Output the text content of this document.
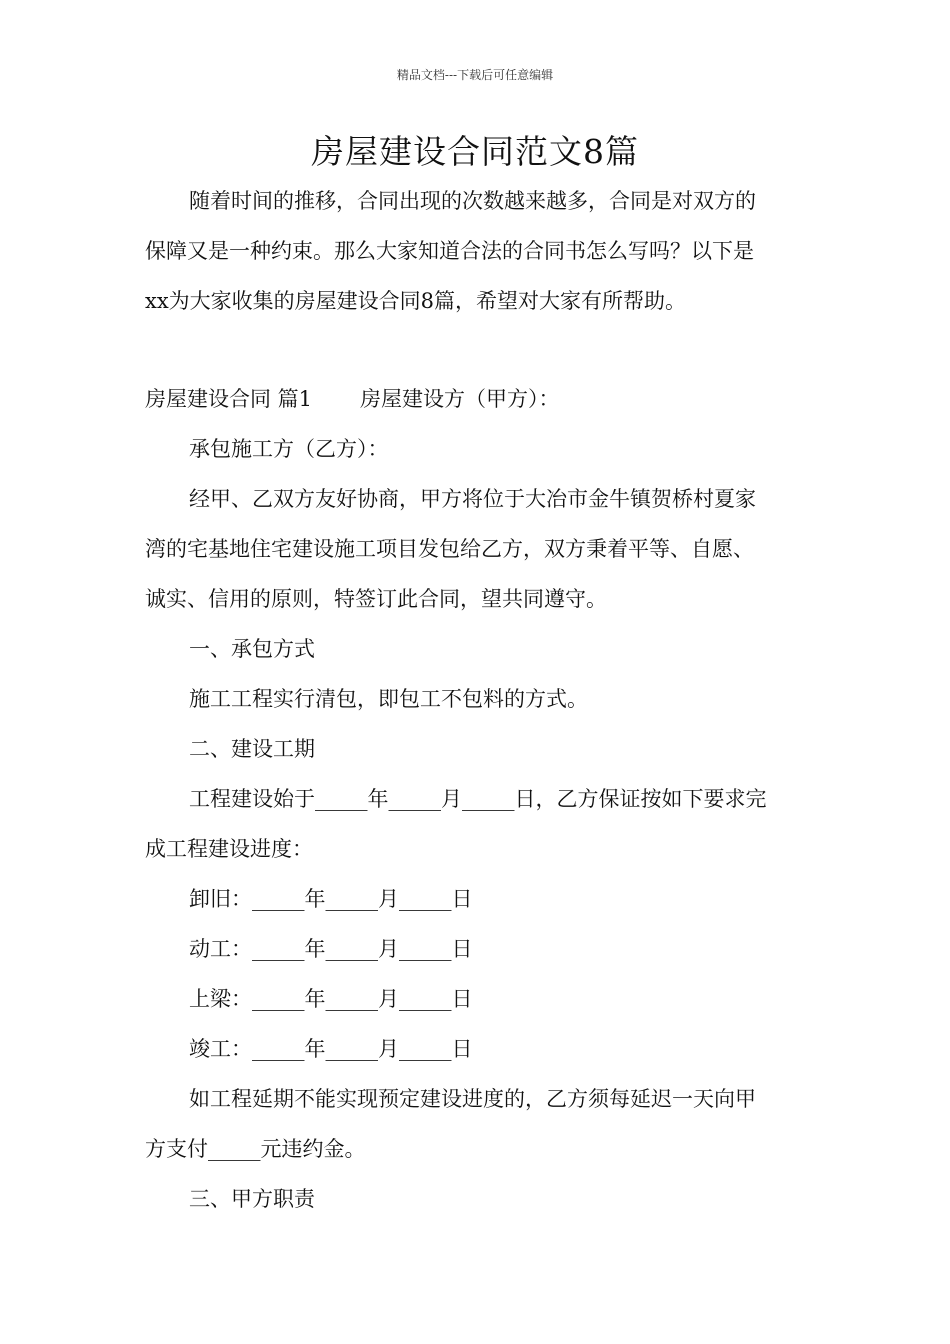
精品文档---下载后可任意编辑
房屋建设合同范文8篇
随着时间的推移，合同出现的次数越来越多，合同是对双方的
保障又是一种约束。那么大家知道合法的合同书怎么写吗？以下是
xx为大家收集的房屋建设合同8篇，希望对大家有所帮助。
房屋建设合同 篇1 房屋建设方（甲方）：
承包施工方（乙方）：
经甲、乙双方友好协商，甲方将位于大冶市金牛镇贺桥村夏家
湾的宅基地住宅建设施工项目发包给乙方，双方秉着平等、自愿、
诚实、信用的原则，特签订此合同，望共同遵守。
一、承包方式
施工工程实行清包，即包工不包料的方式。
二、建设工期
工程建设始于_____年_____月_____日，乙方保证按如下要求完
成工程建设进度：
卸旧：_____年_____月_____日
动工：_____年_____月_____日
上梁：_____年_____月_____日
竣工：_____年_____月_____日
如工程延期不能实现预定建设进度的，乙方须每延迟一天向甲
方支付_____元违约金。
三、甲方职责
